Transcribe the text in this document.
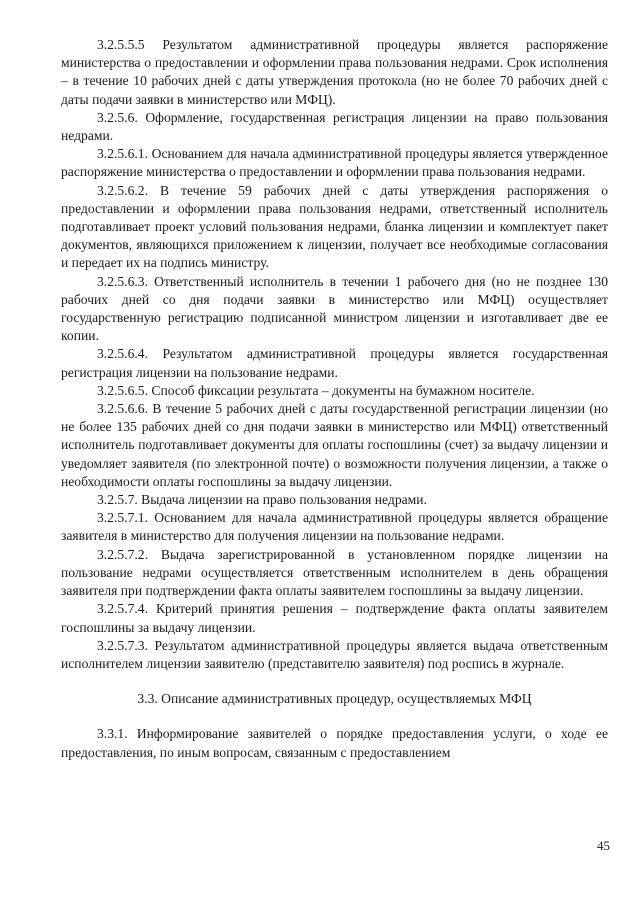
3.2.5.5.5 Результатом административной процедуры является распоряжение министерства о предоставлении и оформлении права пользования недрами. Срок исполнения – в течение 10 рабочих дней с даты утверждения протокола (но не более 70 рабочих дней с даты подачи заявки в министерство или МФЦ).

3.2.5.6. Оформление, государственная регистрация лицензии на право пользования недрами.

3.2.5.6.1. Основанием для начала административной процедуры является утвержденное распоряжение министерства о предоставлении и оформлении права пользования недрами.

3.2.5.6.2. В течение 59 рабочих дней с даты утверждения распоряжения о предоставлении и оформлении права пользования недрами, ответственный исполнитель подготавливает проект условий пользования недрами, бланка лицензии и комплектует пакет документов, являющихся приложением к лицензии, получает все необходимые согласования и передает их на подпись министру.

3.2.5.6.3. Ответственный исполнитель в течении 1 рабочего дня (но не позднее 130 рабочих дней со дня подачи заявки в министерство или МФЦ) осуществляет государственную регистрацию подписанной министром лицензии и изготавливает две ее копии.

3.2.5.6.4. Результатом административной процедуры является государственная регистрация лицензии на пользование недрами.

3.2.5.6.5. Способ фиксации результата – документы на бумажном носителе.

3.2.5.6.6. В течение 5 рабочих дней с даты государственной регистрации лицензии (но не более 135 рабочих дней со дня подачи заявки в министерство или МФЦ) ответственный исполнитель подготавливает документы для оплаты госпошлины (счет) за выдачу лицензии и уведомляет заявителя (по электронной почте) о возможности получения лицензии, а также о необходимости оплаты госпошлины за выдачу лицензии.

3.2.5.7. Выдача лицензии на право пользования недрами.

3.2.5.7.1. Основанием для начала административной процедуры является обращение заявителя в министерство для получения лицензии на пользование недрами.

3.2.5.7.2. Выдача зарегистрированной в установленном порядке лицензии на пользование недрами осуществляется ответственным исполнителем в день обращения заявителя при подтверждении факта оплаты заявителем госпошлины за выдачу лицензии.

3.2.5.7.4. Критерий принятия решения – подтверждение факта оплаты заявителем госпошлины за выдачу лицензии.

3.2.5.7.3. Результатом административной процедуры является выдача ответственным исполнителем лицензии заявителю (представителю заявителя) под роспись в журнале.

3.3. Описание административных процедур, осуществляемых МФЦ

3.3.1. Информирование заявителей о порядке предоставления услуги, о ходе ее предоставления, по иным вопросам, связанным с предоставлением

45
